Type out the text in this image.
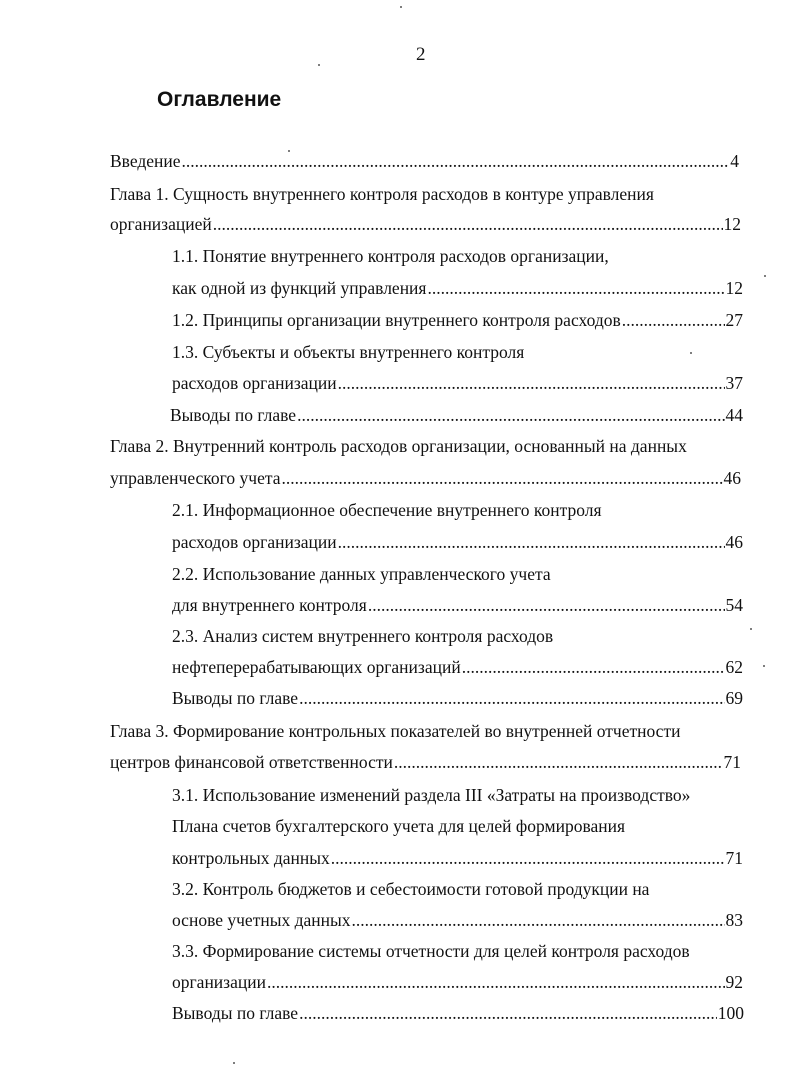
2
Оглавление
Введение .....	4
Глава 1. Сущность внутреннего контроля расходов в контуре управления
организацией .....	12
1.1. Понятие внутреннего контроля расходов организации,
как одной из функций управления .....	12
1.2. Принципы организации внутреннего контроля расходов .....	27
1.3. Субъекты и объекты внутреннего контроля
расходов организации .....	37
Выводы по главе .....	44
Глава 2. Внутренний контроль расходов организации, основанный на данных
управленческого учета .....	46
2.1. Информационное обеспечение внутреннего контроля
расходов организации .....	46
2.2. Использование данных управленческого учета
для внутреннего контроля .....	54
2.3. Анализ систем внутреннего контроля расходов
нефтеперерабатывающих организаций .....	62
Выводы по главе .....	69
Глава 3. Формирование контрольных показателей во внутренней отчетности
центров финансовой ответственности .....	71
3.1. Использование изменений раздела III «Затраты на производство»
Плана счетов бухгалтерского учета для целей формирования
контрольных данных .....	71
3.2. Контроль бюджетов и себестоимости готовой продукции на
основе учетных данных .....	83
3.3. Формирование системы отчетности для целей контроля расходов
организации .....	92
Выводы по главе .....	100
